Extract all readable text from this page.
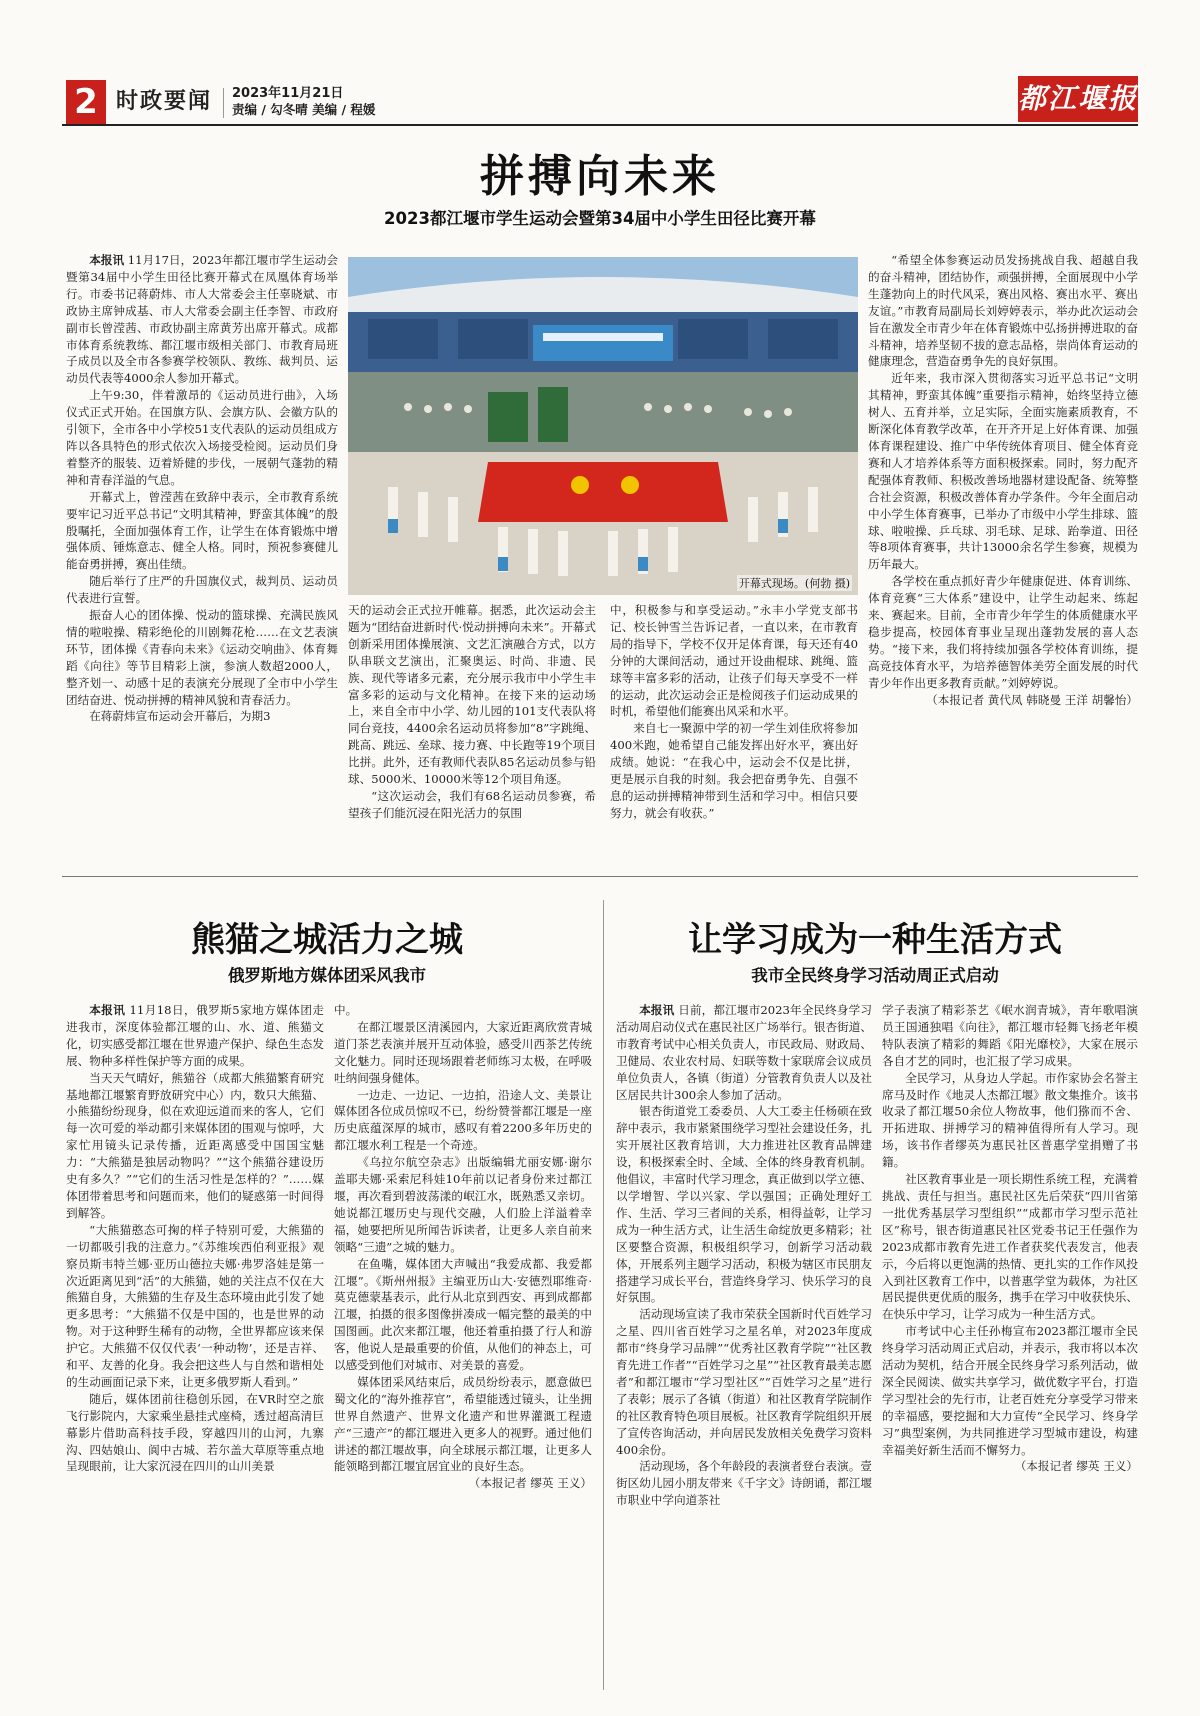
2 时政要闻 2023年11月21日
责编 / 勾冬晴 美编 / 程媛	都江堰报
拼搏向未来
2023都江堰市学生运动会暨第34届中小学生田径比赛开幕

本报讯 11月17日，2023年都江堰市学生运动会暨第34届中小学生田径比赛开幕式在凤凰体育场举行。市委书记蒋蔚炜、市人大常委会主任辜晓斌、市政协主席钟成基、市人大常委会副主任李智、市政府副市长曾滢茜、市政协副主席黄芳出席开幕式。成都市体育系统教练、都江堰市级相关部门、市教育局班子成员以及全市各参赛学校领队、教练、裁判员、运动员代表等4000余人参加开幕式。

上午9:30，伴着激昂的《运动员进行曲》，入场仪式正式开始。在国旗方队、会旗方队、会徽方队的引领下，全市各中小学校51支代表队的运动员组成方阵以各具特色的形式依次入场接受检阅。运动员们身着整齐的服装、迈着矫健的步伐，一展朝气蓬勃的精神和青春洋溢的气息。

开幕式上，曾滢茜在致辞中表示，全市教育系统要牢记习近平总书记“文明其精神，野蛮其体魄”的殷殷嘱托，全面加强体育工作，让学生在体育锻炼中增强体质、锤炼意志、健全人格。同时，预祝参赛健儿能奋勇拼搏，赛出佳绩。

随后举行了庄严的升国旗仪式，裁判员、运动员代表进行宣誓。

振奋人心的团体操、悦动的篮球操、充满民族风情的啦啦操、精彩绝伦的川剧舞花枪……在文艺表演环节，团体操《青春向未来》《运动交响曲》、体育舞蹈《向往》等节目精彩上演，参演人数超2000人，整齐划一、动感十足的表演充分展现了全市中小学生团结奋进、悦动拼搏的精神风貌和青春活力。

在蒋蔚炜宣布运动会开幕后，为期3

开幕式现场。(何勃 摄)

天的运动会正式拉开帷幕。据悉，此次运动会主题为“团结奋进新时代·悦动拼搏向未来”。开幕式创新采用团体操展演、文艺汇演融合方式，以方队串联文艺演出，汇聚奥运、时尚、非遗、民族、现代等诸多元素，充分展示我市中小学生丰富多彩的运动与文化精神。在接下来的运动场上，来自全市中小学、幼儿园的101支代表队将同台竞技，4400余名运动员将参加“8”字跳绳、跳高、跳远、垒球、接力赛、中长跑等19个项目比拼。此外，还有教师代表队85名运动员参与铅球、5000米、10000米等12个项目角逐。

“这次运动会，我们有68名运动员参赛，希望孩子们能沉浸在阳光活力的氛围

中，积极参与和享受运动。”永丰小学党支部书记、校长钟雪兰告诉记者，一直以来，在市教育局的指导下，学校不仅开足体育课，每天还有40分钟的大课间活动，通过开设曲棍球、跳绳、篮球等丰富多彩的活动，让孩子们每天享受不一样的运动，此次运动会正是检阅孩子们运动成果的时机，希望他们能赛出风采和水平。

来自七一聚源中学的初一学生刘佳欣将参加400米跑，她希望自己能发挥出好水平，赛出好成绩。她说：“在我心中，运动会不仅是比拼，更是展示自我的时刻。我会把奋勇争先、自强不息的运动拼搏精神带到生活和学习中。相信只要努力，就会有收获。”

“希望全体参赛运动员发扬挑战自我、超越自我的奋斗精神，团结协作，顽强拼搏，全面展现中小学生蓬勃向上的时代风采，赛出风格、赛出水平、赛出友谊。”市教育局副局长刘婷婷表示，举办此次运动会旨在激发全市青少年在体育锻炼中弘扬拼搏进取的奋斗精神，培养坚韧不拔的意志品格，崇尚体育运动的健康理念，营造奋勇争先的良好氛围。

近年来，我市深入贯彻落实习近平总书记“文明其精神，野蛮其体魄”重要指示精神，始终坚持立德树人、五育并举，立足实际，全面实施素质教育，不断深化体育教学改革，在开齐开足上好体育课、加强体育课程建设、推广中华传统体育项目、健全体育竞赛和人才培养体系等方面积极探索。同时，努力配齐配强体育教师、积极改善场地器材建设配备、统筹整合社会资源，积极改善体育办学条件。今年全面启动中小学生体育赛事，已举办了市级中小学生排球、篮球、啦啦操、乒乓球、羽毛球、足球、跆拳道、田径等8项体育赛事，共计13000余名学生参赛，规模为历年最大。

各学校在重点抓好青少年健康促进、体育训练、体育竞赛“三大体系”建设中，让学生动起来、练起来、赛起来。目前，全市青少年学生的体质健康水平稳步提高，校园体育事业呈现出蓬勃发展的喜人态势。“接下来，我们将持续加强各学校体育训练，提高竞技体育水平，为培养德智体美劳全面发展的时代青少年作出更多教育贡献。”刘婷婷说。

（本报记者 黄代凤 韩晓曼 王洋 胡馨怡）

熊猫之城活力之城
俄罗斯地方媒体团采风我市

本报讯 11月18日，俄罗斯5家地方媒体团走进我市，深度体验都江堰的山、水、道、熊猫文化，切实感受都江堰在世界遗产保护、绿色生态发展、物种多样性保护等方面的成果。

当天天气晴好，熊猫谷（成都大熊猫繁育研究基地都江堰繁育野放研究中心）内，数只大熊猫、小熊猫纷纷现身，似在欢迎远道而来的客人，它们每一次可爱的举动都引来媒体团的围观与惊呼，大家忙用镜头记录传播，近距离感受中国国宝魅力：“大熊猫是独居动物吗？”“这个熊猫谷建设历史有多久？”“它们的生活习性是怎样的？”……媒体团带着思考和问题而来，他们的疑惑第一时间得到解答。

“大熊猫憨态可掬的样子特别可爱，大熊猫的一切都吸引我的注意力。”《苏维埃西伯利亚报》观察员斯韦特兰娜·亚历山德拉夫娜·弗罗洛娃是第一次近距离见到“活”的大熊猫，她的关注点不仅在大熊猫自身，大熊猫的生存及生态环境由此引发了她更多思考：“大熊猫不仅是中国的，也是世界的动物。对于这种野生稀有的动物，全世界都应该来保护它。大熊猫不仅仅代表‘一种动物’，还是吉祥、和平、友善的化身。我会把这些人与自然和谐相处的生动画面记录下来，让更多俄罗斯人看到。”

随后，媒体团前往稳创乐园，在VR时空之旅飞行影院内，大家乘坐悬挂式座椅，透过超高清巨幕影片借助高科技手段，穿越四川的山河，九寨沟、四姑娘山、阆中古城、若尔盖大草原等重点地呈现眼前，让大家沉浸在四川的山川美景

中。

在都江堰景区清溪园内，大家近距离欣赏青城道门茶艺表演并展开互动体验，感受川西茶艺传统文化魅力。同时还现场跟着老师练习太极，在呼吸吐纳间强身健体。

一边走、一边记、一边拍，沿途人文、美景让媒体团各位成员惊叹不已，纷纷赞誉都江堰是一座历史底蕴深厚的城市，感叹有着2200多年历史的都江堰水利工程是一个奇迹。

《乌拉尔航空杂志》出版编辑尤丽安娜·谢尔盖耶夫娜·采索尼科娃10年前以记者身份来过都江堰，再次看到碧波荡漾的岷江水，既熟悉又亲切。她说都江堰历史与现代交融，人们脸上洋溢着幸福，她要把所见所闻告诉读者，让更多人亲自前来领略“三遗”之城的魅力。

在鱼嘴，媒体团大声喊出“我爱成都、我爱都江堰”。《斯州州报》主编亚历山大·安德烈耶维奇·莫克德蒙基表示，此行从北京到西安、再到成都都江堰，拍摄的很多图像拼凑成一幅完整的最美的中国图画。此次来都江堰，他还着重拍摄了行人和游客，他说人是最重要的价值，从他们的神态上，可以感受到他们对城市、对美景的喜爱。

媒体团采风结束后，成员纷纷表示，愿意做巴蜀文化的“海外推荐官”，希望能透过镜头，让坐拥世界自然遗产、世界文化遗产和世界灌溉工程遗产“三遗产”的都江堰进入更多人的视野。通过他们讲述的都江堰故事，向全球展示都江堰，让更多人能领略到都江堰宜居宜业的良好生态。

（本报记者 缪英 王义）

让学习成为一种生活方式
我市全民终身学习活动周正式启动

本报讯 日前，都江堰市2023年全民终身学习活动周启动仪式在惠民社区广场举行。银杏街道、市教育考试中心相关负责人，市民政局、财政局、卫健局、农业农村局、妇联等数十家联席会议成员单位负责人，各镇（街道）分管教育负责人以及社区居民共计300余人参加了活动。

银杏街道党工委委员、人大工委主任杨硕在致辞中表示，我市紧紧围绕学习型社会建设任务，扎实开展社区教育培训，大力推进社区教育品牌建设，积极探索全时、全域、全体的终身教育机制。他倡议，丰富时代学习理念，真正做到以学立德、以学增智、学以兴家、学以强国；正确处理好工作、生活、学习三者间的关系，相得益彰，让学习成为一种生活方式，让生活生命绽放更多精彩；社区要整合资源，积极组织学习，创新学习活动载体，开展系列主题学习活动，积极为辖区市民朋友搭建学习成长平台，营造终身学习、快乐学习的良好氛围。

活动现场宣读了我市荣获全国新时代百姓学习之星、四川省百姓学习之星名单，对2023年度成都市“终身学习品牌”“优秀社区教育学院”“社区教育先进工作者”“百姓学习之星”“社区教育最美志愿者”和都江堰市“学习型社区”“百姓学习之星”进行了表彰；展示了各镇（街道）和社区教育学院制作的社区教育特色项目展板。社区教育学院组织开展了宣传咨询活动，并向居民发放相关免费学习资料400余份。

活动现场，各个年龄段的表演者登台表演。壹街区幼儿园小朋友带来《千字文》诗朗诵，都江堰市职业中学向道茶社

学子表演了精彩茶艺《岷水润青城》，青年歌唱演员王国通独唱《向往》，都江堰市轻舞飞扬老年模特队表演了精彩的舞蹈《阳光靡校》，大家在展示各自才艺的同时，也汇报了学习成果。

全民学习，从身边人学起。市作家协会名誉主席马及时作《地灵人杰都江堰》散文集推介。该书收录了都江堰50余位人物故事，他们猕而不舍、开拓进取、拼搏学习的精神值得所有人学习。现场，该书作者缪英为惠民社区普惠学堂捐赠了书籍。

社区教育事业是一项长期性系统工程，充满着挑战、责任与担当。惠民社区先后荣获“四川省第一批优秀基层学习型组织”“成都市学习型示范社区”称号，银杏街道惠民社区党委书记王任强作为2023成都市教育先进工作者获奖代表发言，他表示，今后将以更饱满的热情、更扎实的工作作风投入到社区教育工作中，以普惠学堂为载体，为社区居民提供更优质的服务，携手在学习中收获快乐、在快乐中学习，让学习成为一种生活方式。

市考试中心主任孙梅宣布2023都江堰市全民终身学习活动周正式启动，并表示，我市将以本次活动为契机，结合开展全民终身学习系列活动，做深全民阅读、做实共享学习，做优数字平台，打造学习型社会的先行市，让老百姓充分享受学习带来的幸福感，要挖掘和大力宣传“全民学习、终身学习”典型案例，为共同推进学习型城市建设，构建幸福美好新生活而不懈努力。

（本报记者 缪英 王义）
